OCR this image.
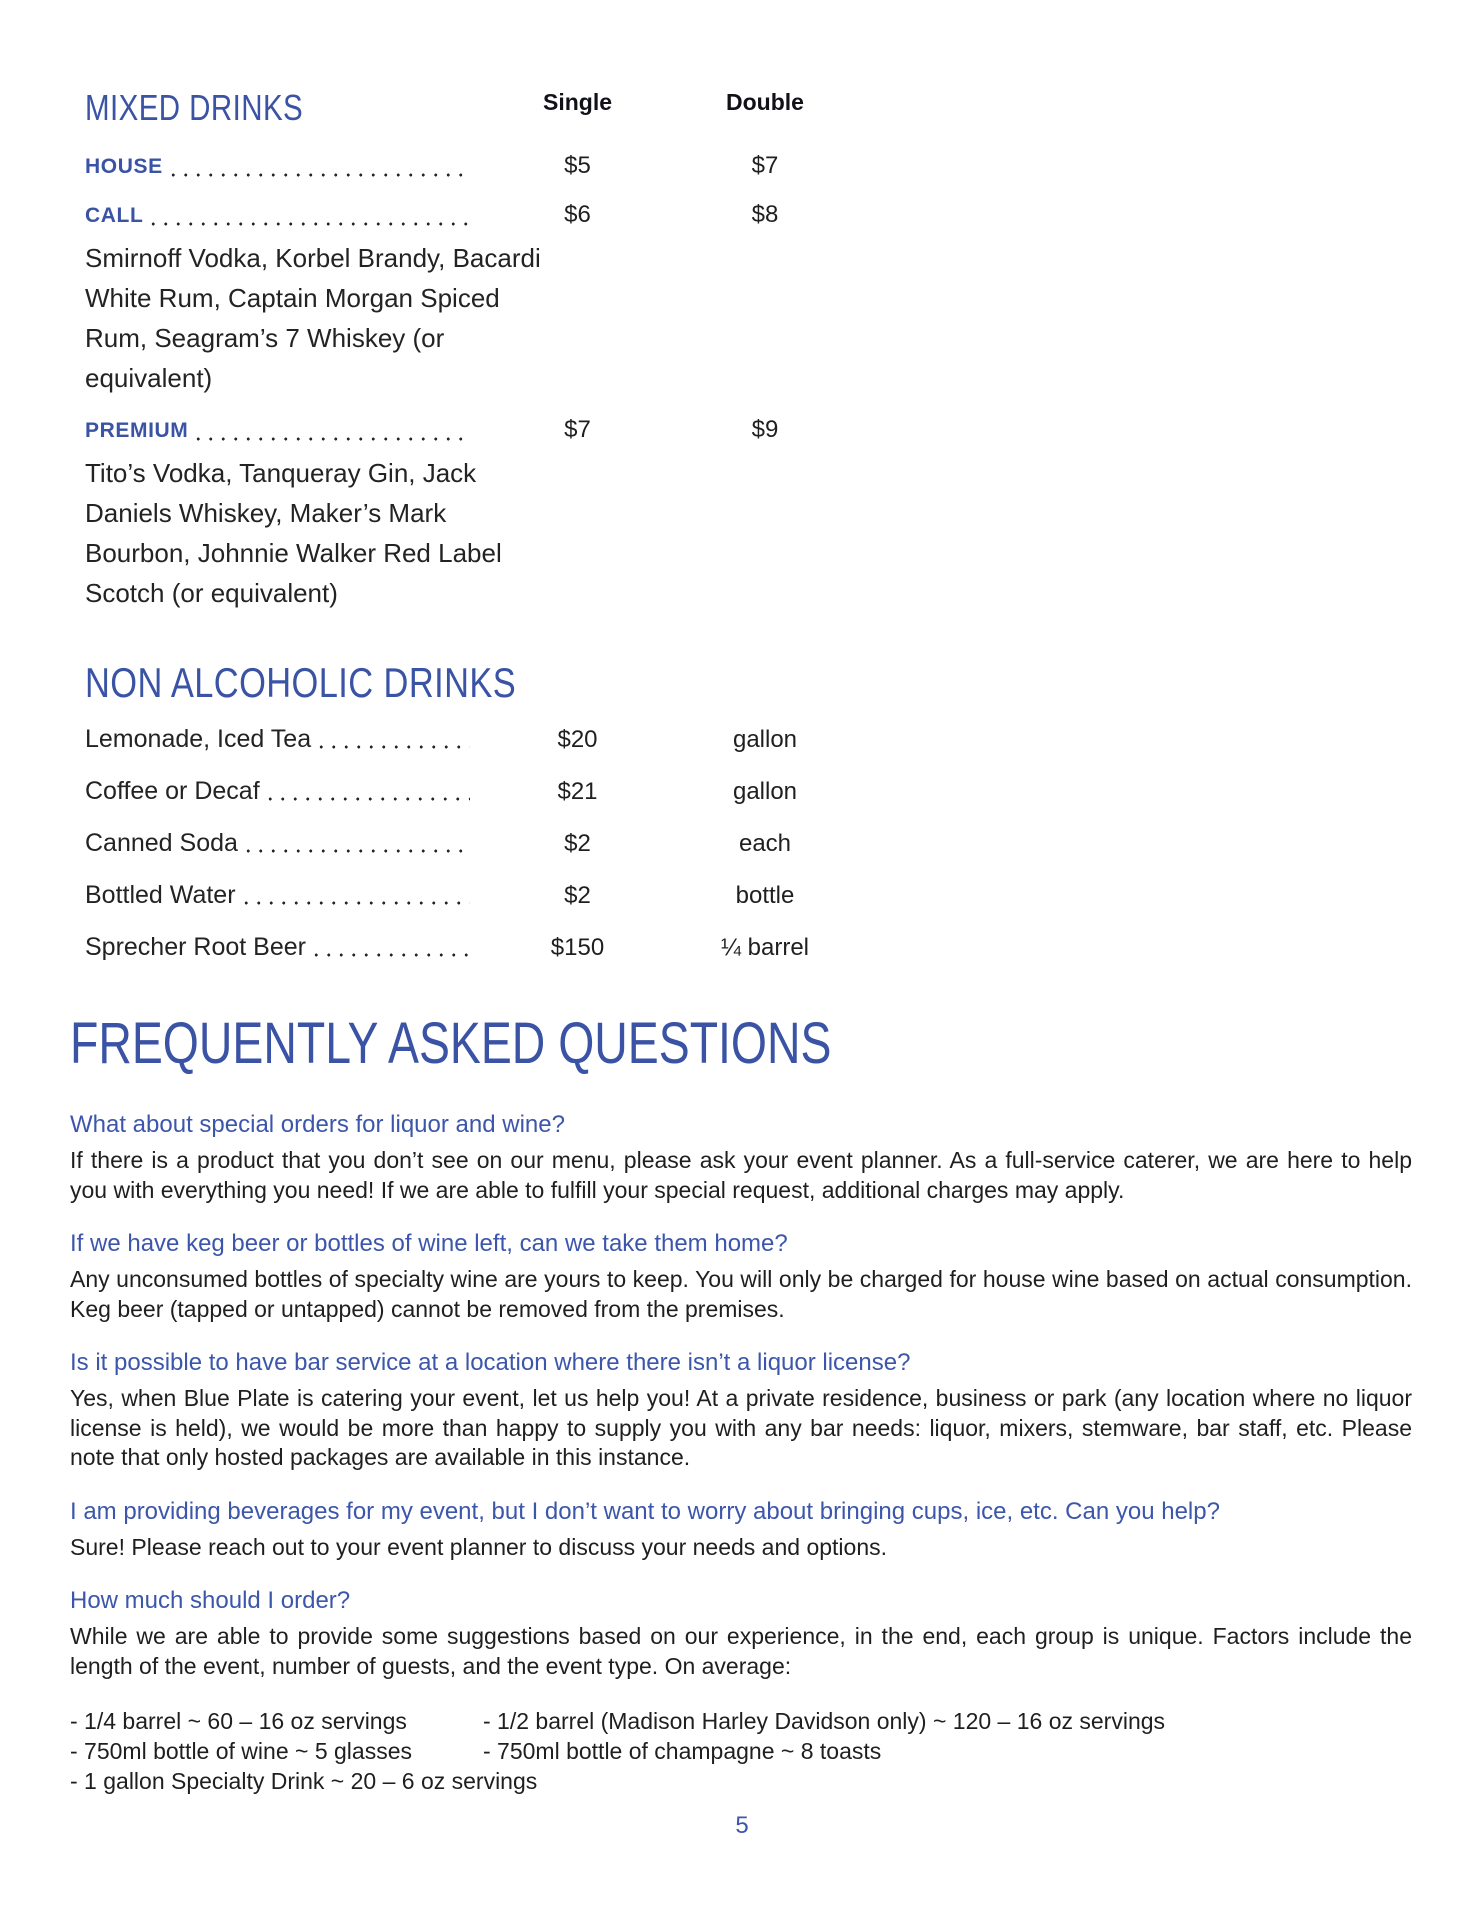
MIXED DRINKS	Single	Double
HOUSE	$5	$7
CALL	$6	$8

Smirnoff Vodka, Korbel Brandy, Bacardi White Rum, Captain Morgan Spiced Rum, Seagram’s 7 Whiskey (or equivalent)

PREMIUM	$7	$9

Tito’s Vodka, Tanqueray Gin, Jack Daniels Whiskey, Maker’s Mark Bourbon, Johnnie Walker Red Label Scotch (or equivalent)

NON ALCOHOLIC DRINKS
Lemonade, Iced Tea	$20	gallon
Coffee or Decaf	$21	gallon
Canned Soda	$2	each
Bottled Water	$2	bottle
Sprecher Root Beer	$150	¼ barrel
FREQUENTLY ASKED QUESTIONS
What about special orders for liquor and wine?

If there is a product that you don’t see on our menu, please ask your event planner. As a full-service caterer, we are here to help you with everything you need! If we are able to fulfill your special request, additional charges may apply.

If we have keg beer or bottles of wine left, can we take them home?

Any unconsumed bottles of specialty wine are yours to keep. You will only be charged for house wine based on actual consumption. Keg beer (tapped or untapped) cannot be removed from the premises.

Is it possible to have bar service at a location where there isn’t a liquor license?

Yes, when Blue Plate is catering your event, let us help you! At a private residence, business or park (any location where no liquor license is held), we would be more than happy to supply you with any bar needs: liquor, mixers, stemware, bar staff, etc. Please note that only hosted packages are available in this instance.

I am providing beverages for my event, but I don’t want to worry about bringing cups, ice, etc. Can you help?

Sure! Please reach out to your event planner to discuss your needs and options.

How much should I order?

While we are able to provide some suggestions based on our experience, in the end, each group is unique. Factors include the length of the event, number of guests, and the event type. On average:

- 1/4 barrel ~ 60 – 16 oz servings
- 750ml bottle of wine ~ 5 glasses
- 1 gallon Specialty Drink ~ 20 – 6 oz servings
- 1/2 barrel (Madison Harley Davidson only) ~ 120 – 16 oz servings
- 750ml bottle of champagne ~ 8 toasts
5
